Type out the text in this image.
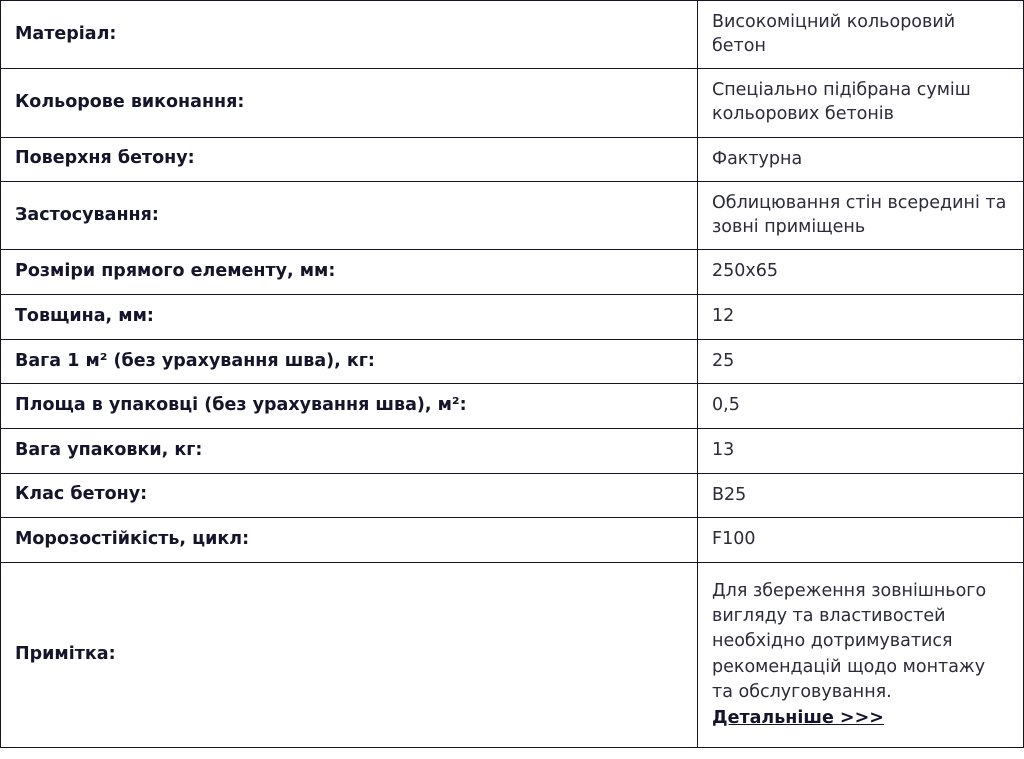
Матеріал:	Високоміцний кольоровий бетон
Кольорове виконання:	Спеціально підібрана суміш кольорових бетонів
Поверхня бетону:	Фактурна
Застосування:	Облицювання стін всередині та зовні приміщень
Розміри прямого елементу, мм:	250х65
Товщина, мм:	12
Вага 1 м² (без урахування шва), кг:	25
Площа в упаковці (без урахування шва), м²:	0,5
Вага упаковки, кг:	13
Клас бетону:	В25
Морозостійкість, цикл:	F100
Примітка:	Для збереження зовнішнього вигляду та властивостей необхідно дотримуватися рекомендацій щодо монтажу та обслуговування.
Детальніше >>>
